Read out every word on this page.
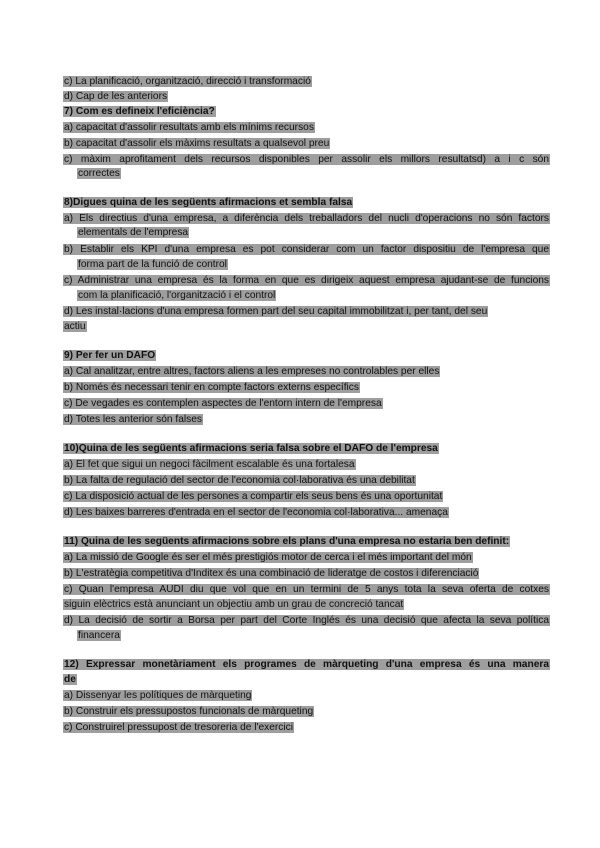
c) La planificació, organització, direcció i transformació
d) Cap de les anteriors
7) Com es defineix l'eficiència?
a) capacitat d'assolir resultats amb els mínims recursos
b) capacitat d'assolir els màxims resultats a qualsevol preu
c) màxim aprofitament dels recursos disponibles per assolir els millors resultatsd) a i c són
correctes
8)Digues quina de les següents afirmacions et sembla falsa
a) Els directius d'una empresa, a diferència dels treballadors del nucli d'operacions no són factors
elementals de l'empresa
b) Establir els KPI d'una empresa es pot considerar com un factor dispositiu de l'empresa que
forma part de la funció de control
c) Administrar una empresa és la forma en que es dirigeix aquest empresa ajudant-se de funcions
com la planificació, l'organització i el control
d) Les instal·lacions d'una empresa formen part del seu capital immobilitzat i, per tant, del seu
actiu
9) Per fer un DAFO
a) Cal analitzar, entre altres, factors aliens a les empreses no controlables per elles
b) Només és necessari tenir en compte factors externs específics
c) De vegades es contemplen aspectes de l'entorn intern de l'empresa
d) Totes les anterior són falses
10)Quina de les següents afirmacions seria falsa sobre el DAFO de l'empresa
a) El fet que sigui un negoci fàcilment escalable és una fortalesa
b) La falta de regulació del sector de l'economia col·laborativa és una debilitat
c) La disposició actual de les persones a compartir els seus bens és una oportunitat
d) Les baixes barreres d'entrada en el sector de l'economia col·laborativa... amenaça
11) Quina de les següents afirmacions sobre els plans d'una empresa no estaria ben definit:
a) La missió de Google és ser el més prestigiós motor de cerca i el més important del món
b) L'estratègia competitiva d'Inditex és una combinació de lideratge de costos i diferenciació
c) Quan l'empresa AUDI diu que vol que en un termini de 5 anys tota la seva oferta de cotxes
siguin elèctrics està anunciant un objectiu amb un grau de concreció tancat
d) La decisió de sortir a Borsa per part del Corte Inglés és una decisió que afecta la seva política
financera
12) Expressar monetàriament els programes de màrqueting d'una empresa és una manera
de
a) Dissenyar les polítiques de màrqueting
b) Construir els pressupostos funcionals de màrqueting
c) Construirel pressupost de tresoreria de l'exercici
